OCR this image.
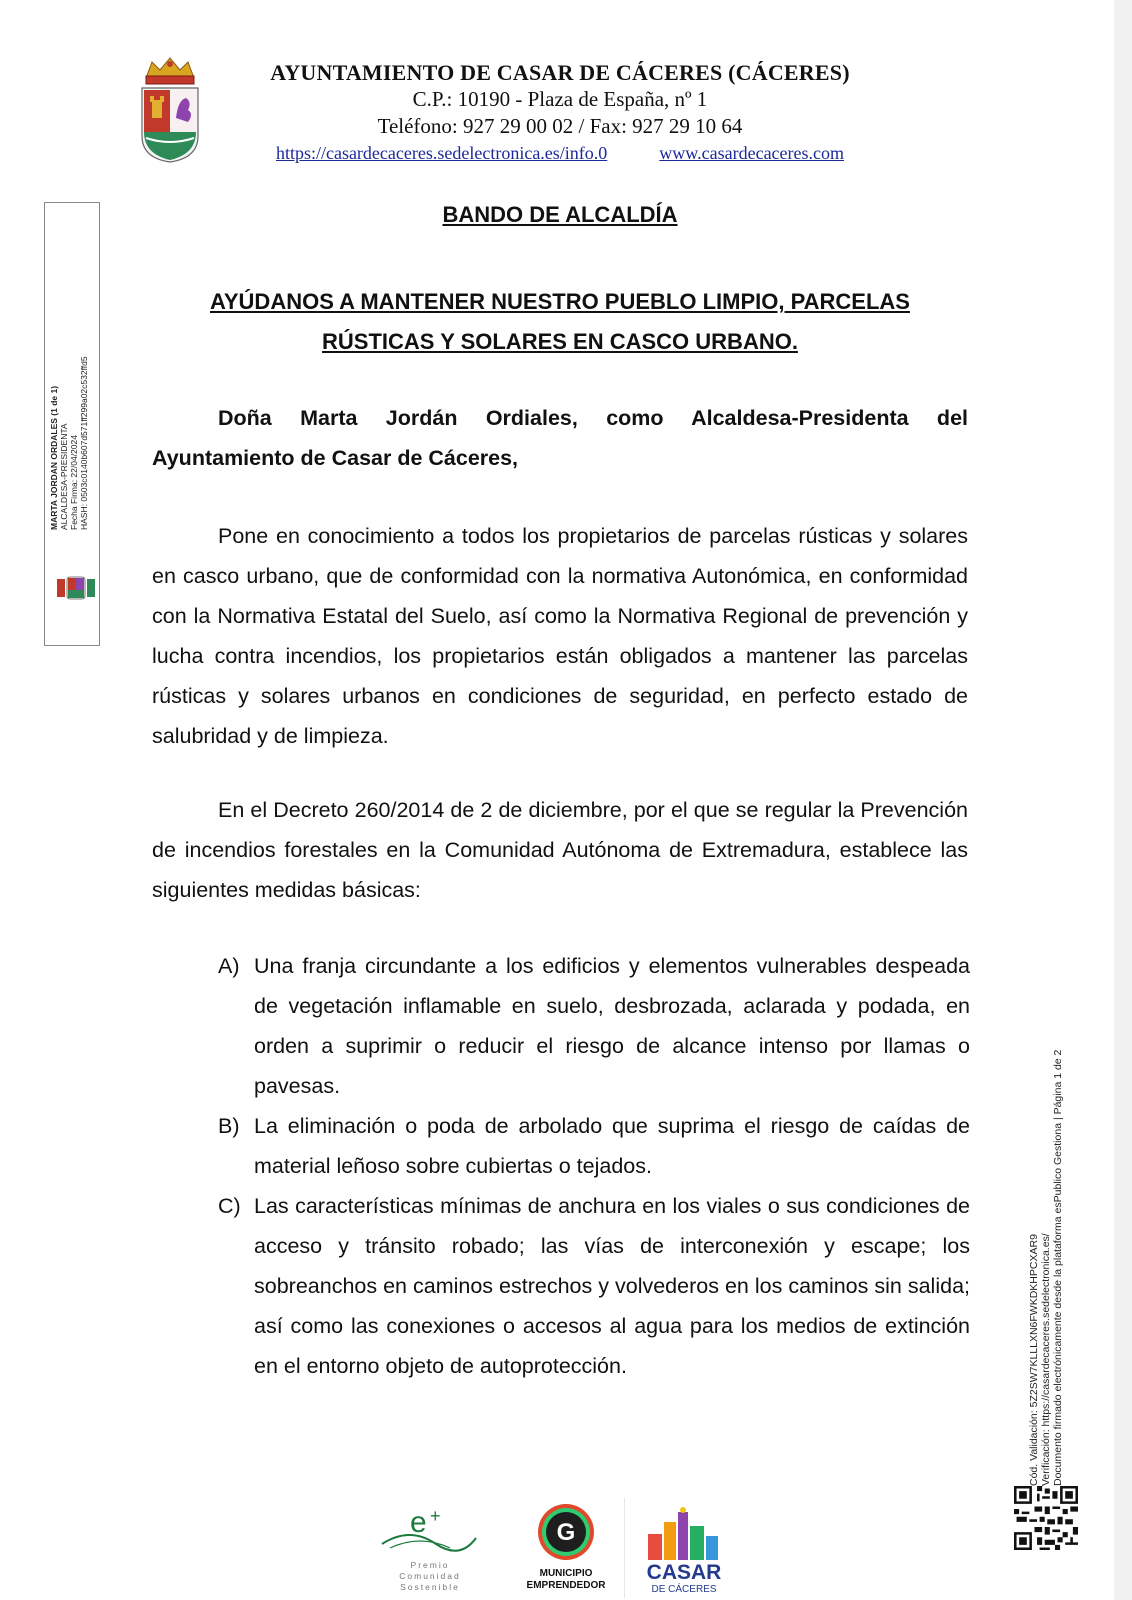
AYUNTAMIENTO DE CASAR DE CÁCERES (CÁCERES)
C.P.: 10190 - Plaza de España, nº 1
Teléfono: 927 29 00 02 / Fax: 927 29 10 64
https://casardecaceres.sedelectronica.es/info.0	www.casardecaceres.com
MARTA JORDAN ORDALES (1 de 1) ALCALDESA-PRESIDENTA Fecha Firma: 22/04/2024 HASH: 0503c0140b607d571ff299a02c532ffd5
BANDO DE ALCALDÍA
AYÚDANOS A MANTENER NUESTRO PUEBLO LIMPIO, PARCELAS
RÚSTICAS Y SOLARES EN CASCO URBANO.
Doña Marta Jordán Ordiales, como Alcaldesa-Presidenta del Ayuntamiento de Casar de Cáceres,
Pone en conocimiento a todos los propietarios de parcelas rústicas y solares en casco urbano, que de conformidad con la normativa Autonómica, en conformidad con la Normativa Estatal del Suelo, así como la Normativa Regional de prevención y lucha contra incendios, los propietarios están obligados a mantener las parcelas rústicas y solares urbanos en condiciones de seguridad, en perfecto estado de salubridad y de limpieza.
En el Decreto 260/2014 de 2 de diciembre, por el que se regular la Prevención de incendios forestales en la Comunidad Autónoma de Extremadura, establece las siguientes medidas básicas:
A) Una franja circundante a los edificios y elementos vulnerables despeada de vegetación inflamable en suelo, desbrozada, aclarada y podada, en orden a suprimir o reducir el riesgo de alcance intenso por llamas o pavesas.
B) La eliminación o poda de arbolado que suprima el riesgo de caídas de material leñoso sobre cubiertas o tejados.
C) Las características mínimas de anchura en los viales o sus condiciones de acceso y tránsito robado; las vías de interconexión y escape; los sobreanchos en caminos estrechos y volvederos en los caminos sin salida; así como las conexiones o accesos al agua para los medios de extinción en el entorno objeto de autoprotección.	Cód. Validación: 5Z2SW7KLLLXN6FWKDKHPCXAR9 Verificación: https://casardecaceres.sedelectronica.es/ Documento firmado electrónicamente desde la plataforma esPublico Gestiona | Página 1 de 2
e +
Premio
Comunidad
Sostenible
G
MUNICIPIO
EMPRENDEDOR
CASAR
DE CÁCERES
